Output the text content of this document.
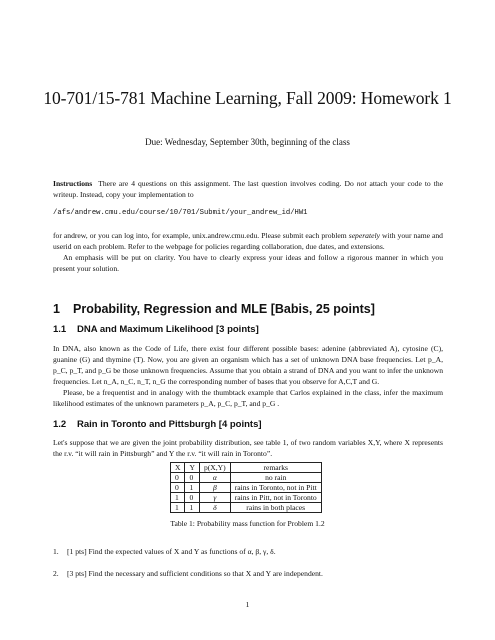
10-701/15-781 Machine Learning, Fall 2009: Homework 1
Due: Wednesday, September 30th, beginning of the class

Instructions There are 4 questions on this assignment. The last question involves coding. Do not attach your code to the writeup. Instead, copy your implementation to

/afs/andrew.cmu.edu/course/10/701/Submit/your_andrew_id/HW1

for andrew, or you can log into, for example, unix.andrew.cmu.edu. Please submit each problem seperately with your name and userid on each problem. Refer to the webpage for policies regarding collaboration, due dates, and extensions.

An emphasis will be put on clarity. You have to clearly express your ideas and follow a rigorous manner in which you present your solution.

1 Probability, Regression and MLE [Babis, 25 points]
1.1 DNA and Maximum Likelihood [3 points]

In DNA, also known as the Code of Life, there exist four different possible bases: adenine (abbreviated A), cytosine (C), guanine (G) and thymine (T). Now, you are given an organism which has a set of unknown DNA base frequencies. Let p_A, p_C, p_T, and p_G be those unknown frequencies. Assume that you obtain a strand of DNA and you want to infer the unknown frequencies. Let n_A, n_C, n_T, n_G the corresponding number of bases that you observe for A,C,T and G.

Please, be a frequentist and in analogy with the thumbtack example that Carlos explained in the class, infer the maximum likelihood estimates of the unknown parameters p_A, p_C, p_T, and p_G .

1.2 Rain in Toronto and Pittsburgh [4 points]

Let's suppose that we are given the joint probability distribution, see table 1, of two random variables X,Y, where X represents the r.v. “it will rain in Pittsburgh” and Y the r.v. “it will rain in Toronto”.

X	Y	p(X,Y)	remarks
0	0	α	no rain
0	1	β	rains in Toronto, not in Pitt
1	0	γ	rains in Pitt, not in Toronto
1	1	δ	rains in both places
Table 1: Probability mass function for Problem 1.2
1. [1 pts] Find the expected values of X and Y as functions of α, β, γ, δ.
2. [3 pts] Find the necessary and sufficient conditions so that X and Y are independent.
1
